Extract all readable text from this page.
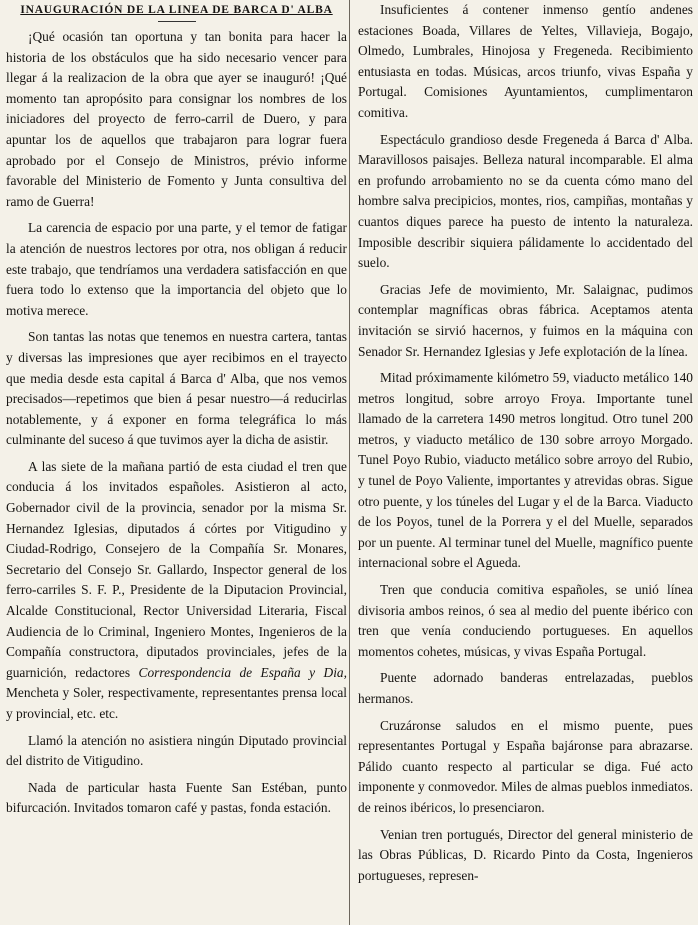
INAUGURACIÓN DE LA LINEA DE BARCA D' ALBA

¡Qué ocasión tan oportuna y tan bonita para hacer la historia de los obstáculos que ha sido necesario vencer para llegar á la realizacion de la obra que ayer se inauguró! ¡Qué momento tan apropósito para consignar los nombres de los iniciadores del proyecto de ferro-carril de Duero, y para apuntar los de aquellos que trabajaron para lograr fuera aprobado por el Consejo de Ministros, prévio informe favorable del Ministerio de Fomento y Junta consultiva del ramo de Guerra!

La carencia de espacio por una parte, y el temor de fatigar la atención de nuestros lectores por otra, nos obligan á reducir este trabajo, que tendríamos una verdadera satisfacción en que fuera todo lo extenso que la importancia del objeto que lo motiva merece.

Son tantas las notas que tenemos en nuestra cartera, tantas y diversas las impresiones que ayer recibimos en el trayecto que media desde esta capital á Barca d' Alba, que nos vemos precisados—repetimos que bien á pesar nuestro—á reducirlas notablemente, y á exponer en forma telegráfica lo más culminante del suceso á que tuvimos ayer la dicha de asistir.

A las siete de la mañana partió de esta ciudad el tren que conducia á los invitados españoles. Asistieron al acto, Gobernador civil de la provincia, senador por la misma Sr. Hernandez Iglesias, diputados á córtes por Vitigudino y Ciudad-Rodrigo, Consejero de la Compañía Sr. Monares, Secretario del Consejo Sr. Gallardo, Inspector general de los ferro-carriles S. F. P., Presidente de la Diputacion Provincial, Alcalde Constitucional, Rector Universidad Literaria, Fiscal Audiencia de lo Criminal, Ingeniero Montes, Ingenieros de la Compañía constructora, diputados provinciales, jefes de la guarnición, redactores Correspondencia de España y Dia, Mencheta y Soler, respectivamente, representantes prensa local y provincial, etc. etc.

Llamó la atención no asistiera ningún Diputado provincial del distrito de Vitigudino.

Nada de particular hasta Fuente San Estéban, punto bifurcación. Invitados tomaron café y pastas, fonda estación.

Insuficientes á contener inmenso gentío andenes estaciones Boada, Villares de Yeltes, Villavieja, Bogajo, Olmedo, Lumbrales, Hinojosa y Fregeneda. Recibimiento entusiasta en todas. Músicas, arcos triunfo, vivas España y Portugal. Comisiones Ayuntamientos, cumplimentaron comitiva.

Espectáculo grandioso desde Fregeneda á Barca d' Alba. Maravillosos paisajes. Belleza natural incomparable. El alma en profundo arrobamiento no se da cuenta cómo mano del hombre salva precipicios, montes, rios, campiñas, montañas y cuantos diques parece ha puesto de intento la naturaleza. Imposible describir siquiera pálidamente lo accidentado del suelo.

Gracias Jefe de movimiento, Mr. Salaignac, pudimos contemplar magníficas obras fábrica. Aceptamos atenta invitación se sirvió hacernos, y fuimos en la máquina con Senador Sr. Hernandez Iglesias y Jefe explotación de la línea.

Mitad próximamente kilómetro 59, viaducto metálico 140 metros longitud, sobre arroyo Froya. Importante tunel llamado de la carretera 1490 metros longitud. Otro tunel 200 metros, y viaducto metálico de 130 sobre arroyo Morgado. Tunel Poyo Rubio, viaducto metálico sobre arroyo del Rubio, y tunel de Poyo Valiente, importantes y atrevidas obras. Sigue otro puente, y los túneles del Lugar y el de la Barca. Viaducto de los Poyos, tunel de la Porrera y el del Muelle, separados por un puente. Al terminar tunel del Muelle, magnífico puente internacional sobre el Agueda.

Tren que conducia comitiva españoles, se unió línea divisoria ambos reinos, ó sea al medio del puente ibérico con tren que venía conduciendo portugueses. En aquellos momentos cohetes, músicas, y vivas España Portugal.

Puente adornado banderas entrelazadas, pueblos hermanos.

Cruzáronse saludos en el mismo puente, pues representantes Portugal y España bajáronse para abrazarse. Pálido cuanto respecto al particular se diga. Fué acto imponente y conmovedor. Miles de almas pueblos inmediatos. de reinos ibéricos, lo presenciaron.

Venian tren portugués, Director del general ministerio de las Obras Públicas, D. Ricardo Pinto da Costa, Ingenieros portugueses, represen-
